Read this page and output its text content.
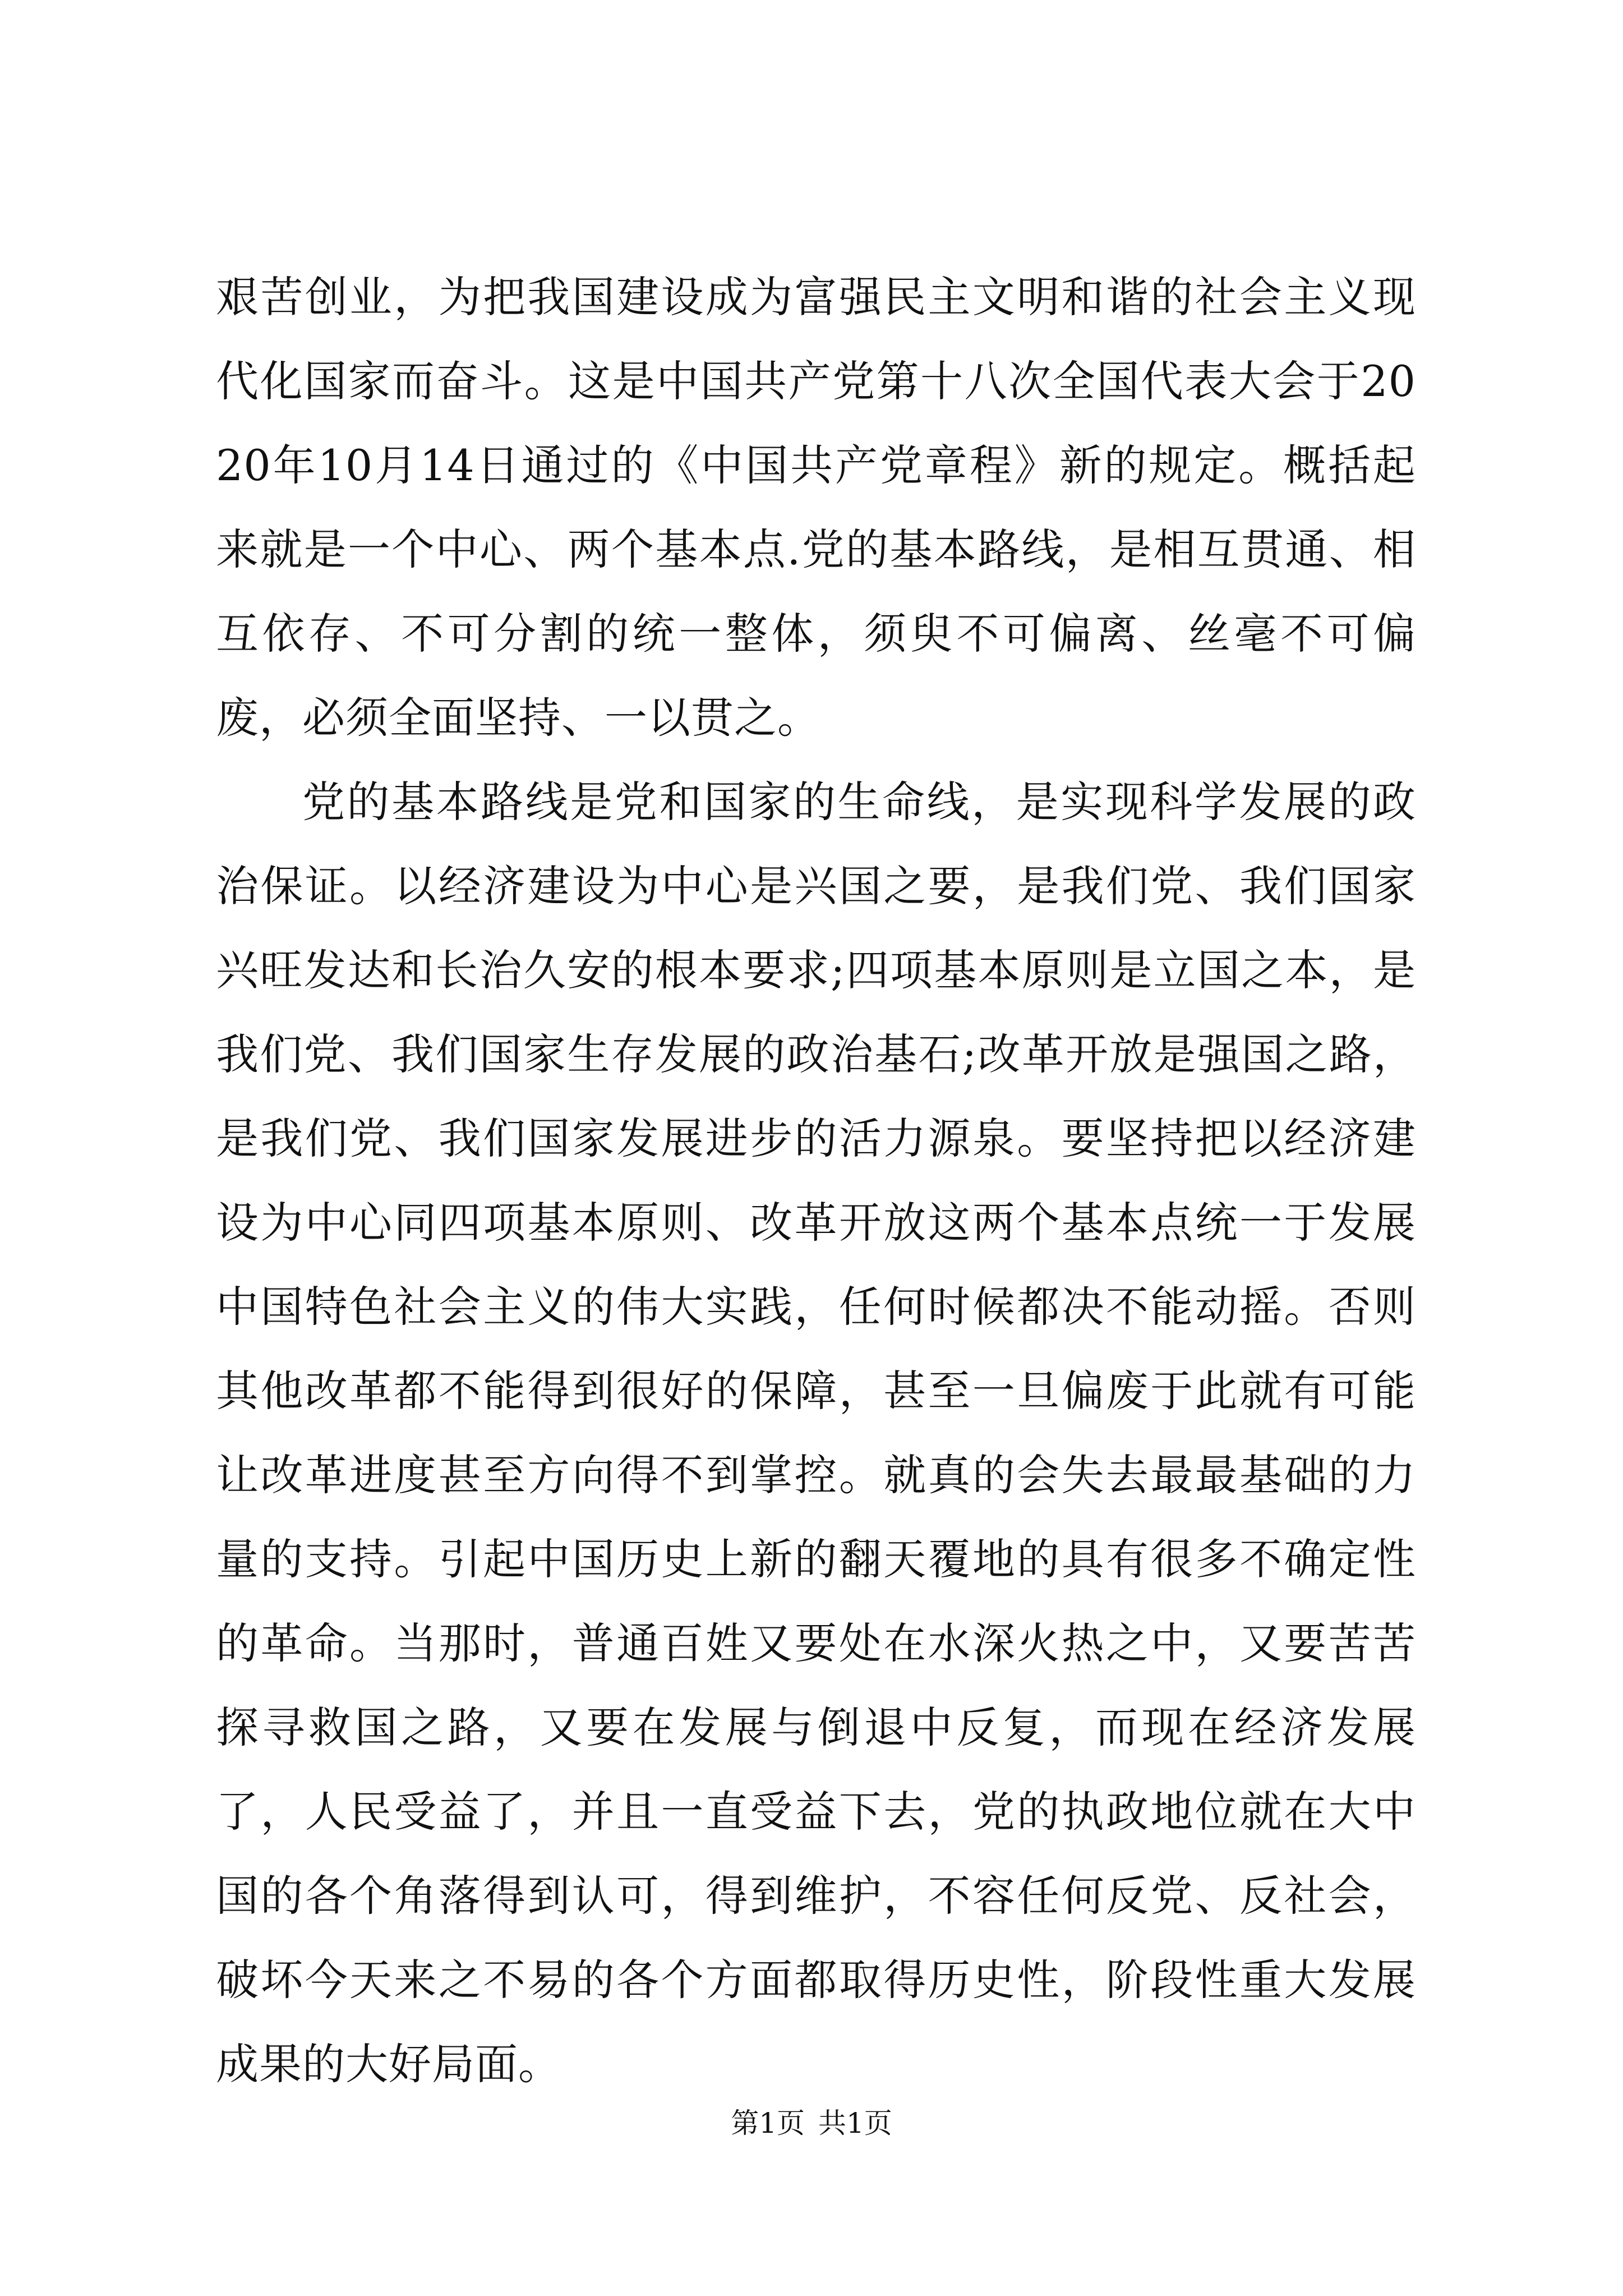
艰苦创业，为把我国建设成为富强民主文明和谐的社会主义现代化国家而奋斗。这是中国共产党第十八次全国代表大会于2020年10月14日通过的《中国共产党章程》新的规定。概括起来就是一个中心、两个基本点.党的基本路线，是相互贯通、相互依存、不可分割的统一整体，须臾不可偏离、丝毫不可偏废，必须全面坚持、一以贯之。

党的基本路线是党和国家的生命线，是实现科学发展的政治保证。以经济建设为中心是兴国之要，是我们党、我们国家兴旺发达和长治久安的根本要求;四项基本原则是立国之本，是我们党、我们国家生存发展的政治基石;改革开放是强国之路，是我们党、我们国家发展进步的活力源泉。要坚持把以经济建设为中心同四项基本原则、改革开放这两个基本点统一于发展中国特色社会主义的伟大实践，任何时候都决不能动摇。否则其他改革都不能得到很好的保障，甚至一旦偏废于此就有可能让改革进度甚至方向得不到掌控。就真的会失去最最基础的力量的支持。引起中国历史上新的翻天覆地的具有很多不确定性的革命。当那时，普通百姓又要处在水深火热之中，又要苦苦探寻救国之路，又要在发展与倒退中反复，而现在经济发展了，人民受益了，并且一直受益下去，党的执政地位就在大中国的各个角落得到认可，得到维护，不容任何反党、反社会，破坏今天来之不易的各个方面都取得历史性，阶段性重大发展成果的大好局面。

第1页 共1页
